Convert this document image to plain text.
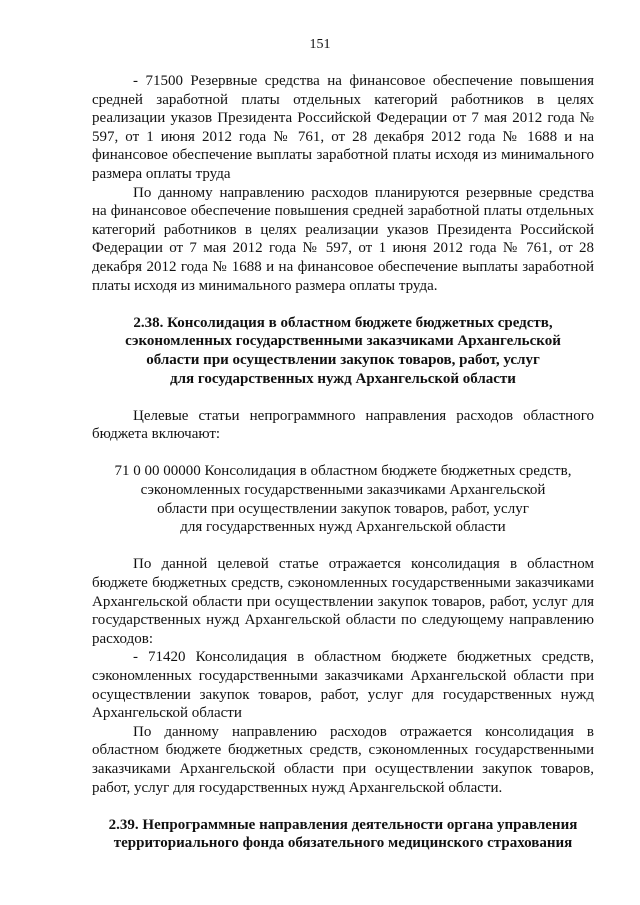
151

- 71500 Резервные средства на финансовое обеспечение повышения средней заработной платы отдельных категорий работников в целях реализации указов Президента Российской Федерации от 7 мая 2012 года № 597, от 1 июня 2012 года № 761, от 28 декабря 2012 года № 1688 и на финансовое обеспечение выплаты заработной платы исходя из минимального размера оплаты труда

По данному направлению расходов планируются резервные средства на финансовое обеспечение повышения средней заработной платы отдельных категорий работников в целях реализации указов Президента Российской Федерации от 7 мая 2012 года № 597, от 1 июня 2012 года № 761, от 28 декабря 2012 года № 1688 и на финансовое обеспечение выплаты заработной платы исходя из минимального размера оплаты труда.

2.38. Консолидация в областном бюджете бюджетных средств,
сэкономленных государственными заказчиками Архангельской
области при осуществлении закупок товаров, работ, услуг
для государственных нужд Архангельской области

Целевые статьи непрограммного направления расходов областного бюджета включают:

71 0 00 00000 Консолидация в областном бюджете бюджетных средств,
сэкономленных государственными заказчиками Архангельской
области при осуществлении закупок товаров, работ, услуг
для государственных нужд Архангельской области

По данной целевой статье отражается консолидация в областном бюджете бюджетных средств, сэкономленных государственными заказчиками Архангельской области при осуществлении закупок товаров, работ, услуг для государственных нужд Архангельской области по следующему направлению расходов:

- 71420 Консолидация в областном бюджете бюджетных средств, сэкономленных государственными заказчиками Архангельской области при осуществлении закупок товаров, работ, услуг для государственных нужд Архангельской области

По данному направлению расходов отражается консолидация в областном бюджете бюджетных средств, сэкономленных государственными заказчиками Архангельской области при осуществлении закупок товаров, работ, услуг для государственных нужд Архангельской области.

2.39. Непрограммные направления деятельности органа управления
территориального фонда обязательного медицинского страхования
